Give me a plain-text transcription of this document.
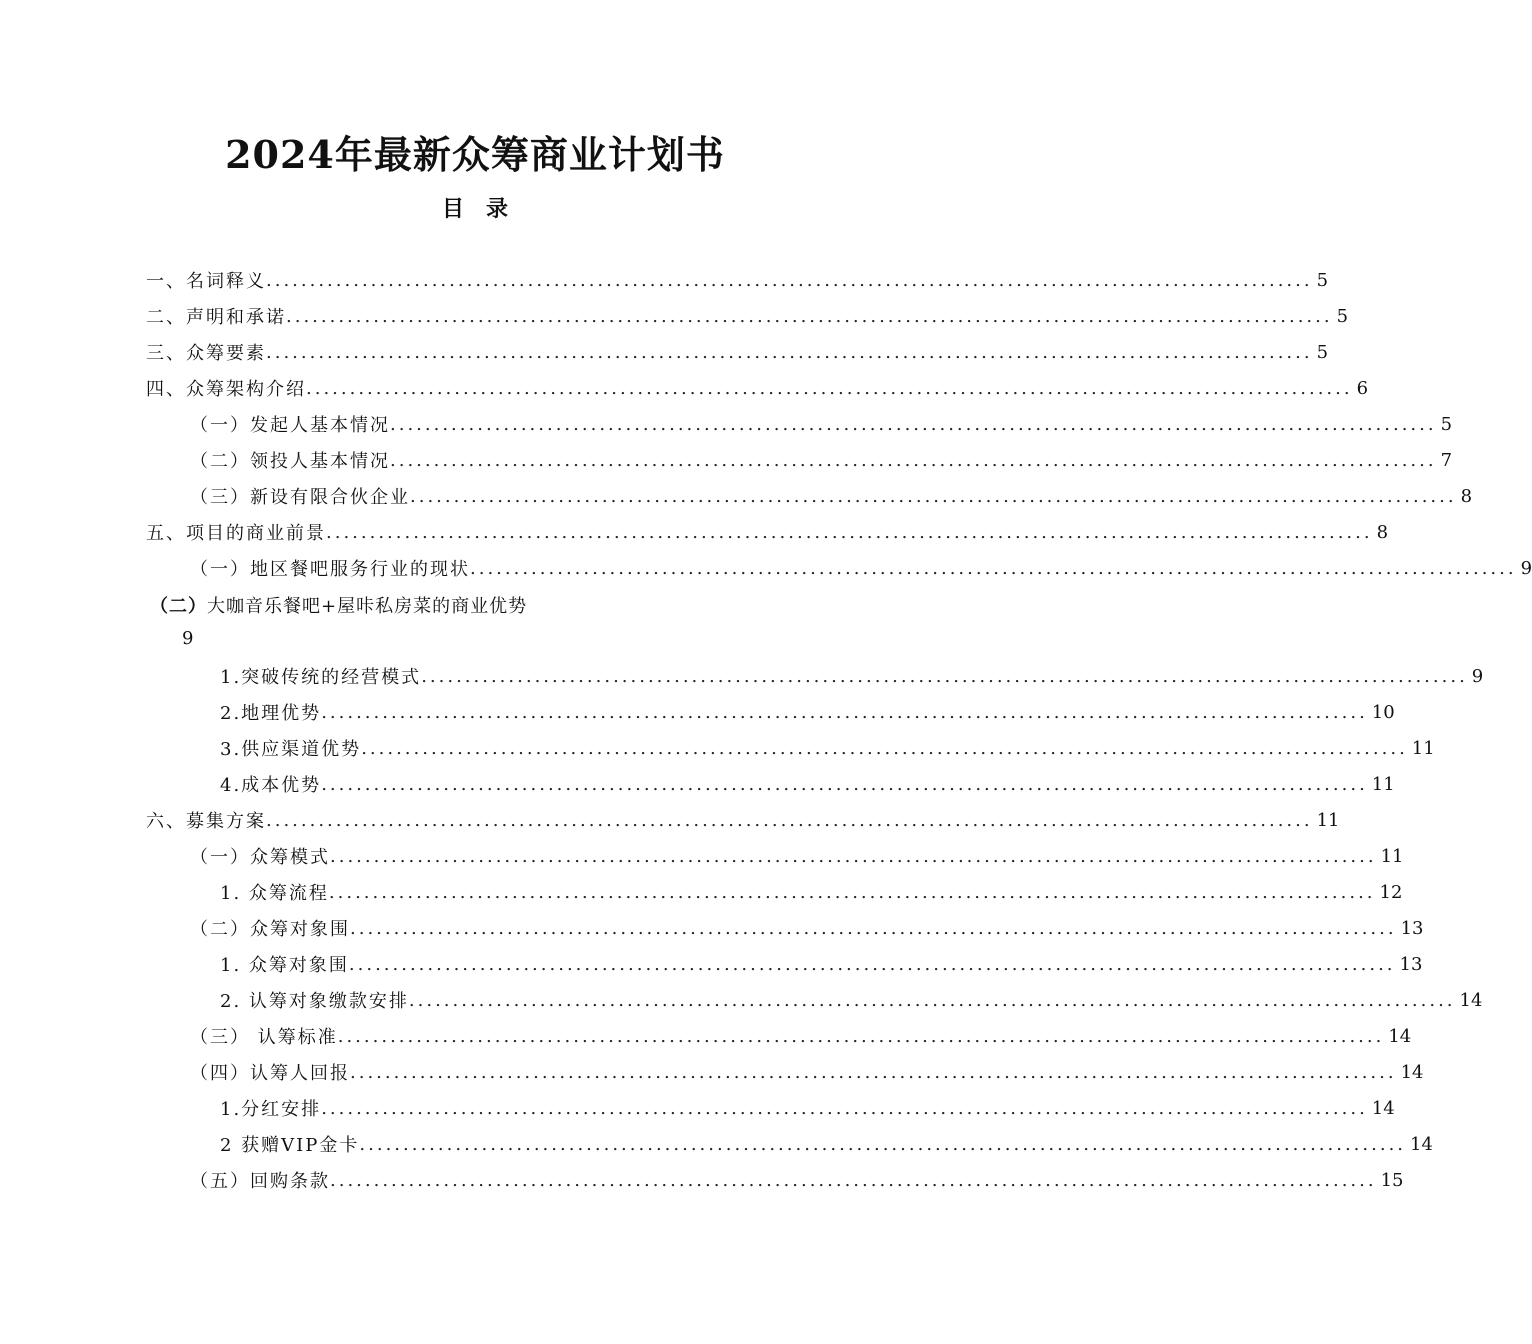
2024年最新众筹商业计划书
目录
一、名词释义 ........................................................................................................................ 5
二、声明和承诺 ........................................................................................................................ 5
三、众筹要素 ........................................................................................................................ 5
四、众筹架构介绍 ........................................................................................................................ 6
（一）发起人基本情况 ........................................................................................................................ 5
（二）领投人基本情况 ........................................................................................................................ 7
（三）新设有限合伙企业 ........................................................................................................................ 8
五、项目的商业前景 ........................................................................................................................ 8
（一）地区餐吧服务行业的现状 ........................................................................................................................ 9
（二）大咖音乐餐吧+屋咔私房菜的商业优势
9
1.突破传统的经营模式 ........................................................................................................................ 9
2.地理优势 ........................................................................................................................ 10
3.供应渠道优势 ........................................................................................................................ 11
4.成本优势 ........................................................................................................................ 11
六、募集方案 ........................................................................................................................ 11
（一）众筹模式 ........................................................................................................................ 11
1. 众筹流程 ........................................................................................................................ 12
（二）众筹对象围 ........................................................................................................................ 13
1. 众筹对象围 ........................................................................................................................ 13
2. 认筹对象缴款安排 ........................................................................................................................ 14
（三） 认筹标准 ........................................................................................................................ 14
（四）认筹人回报 ........................................................................................................................ 14
1.分红安排 ........................................................................................................................ 14
2 获赠VIP金卡 ........................................................................................................................ 14
（五）回购条款 ........................................................................................................................ 15
